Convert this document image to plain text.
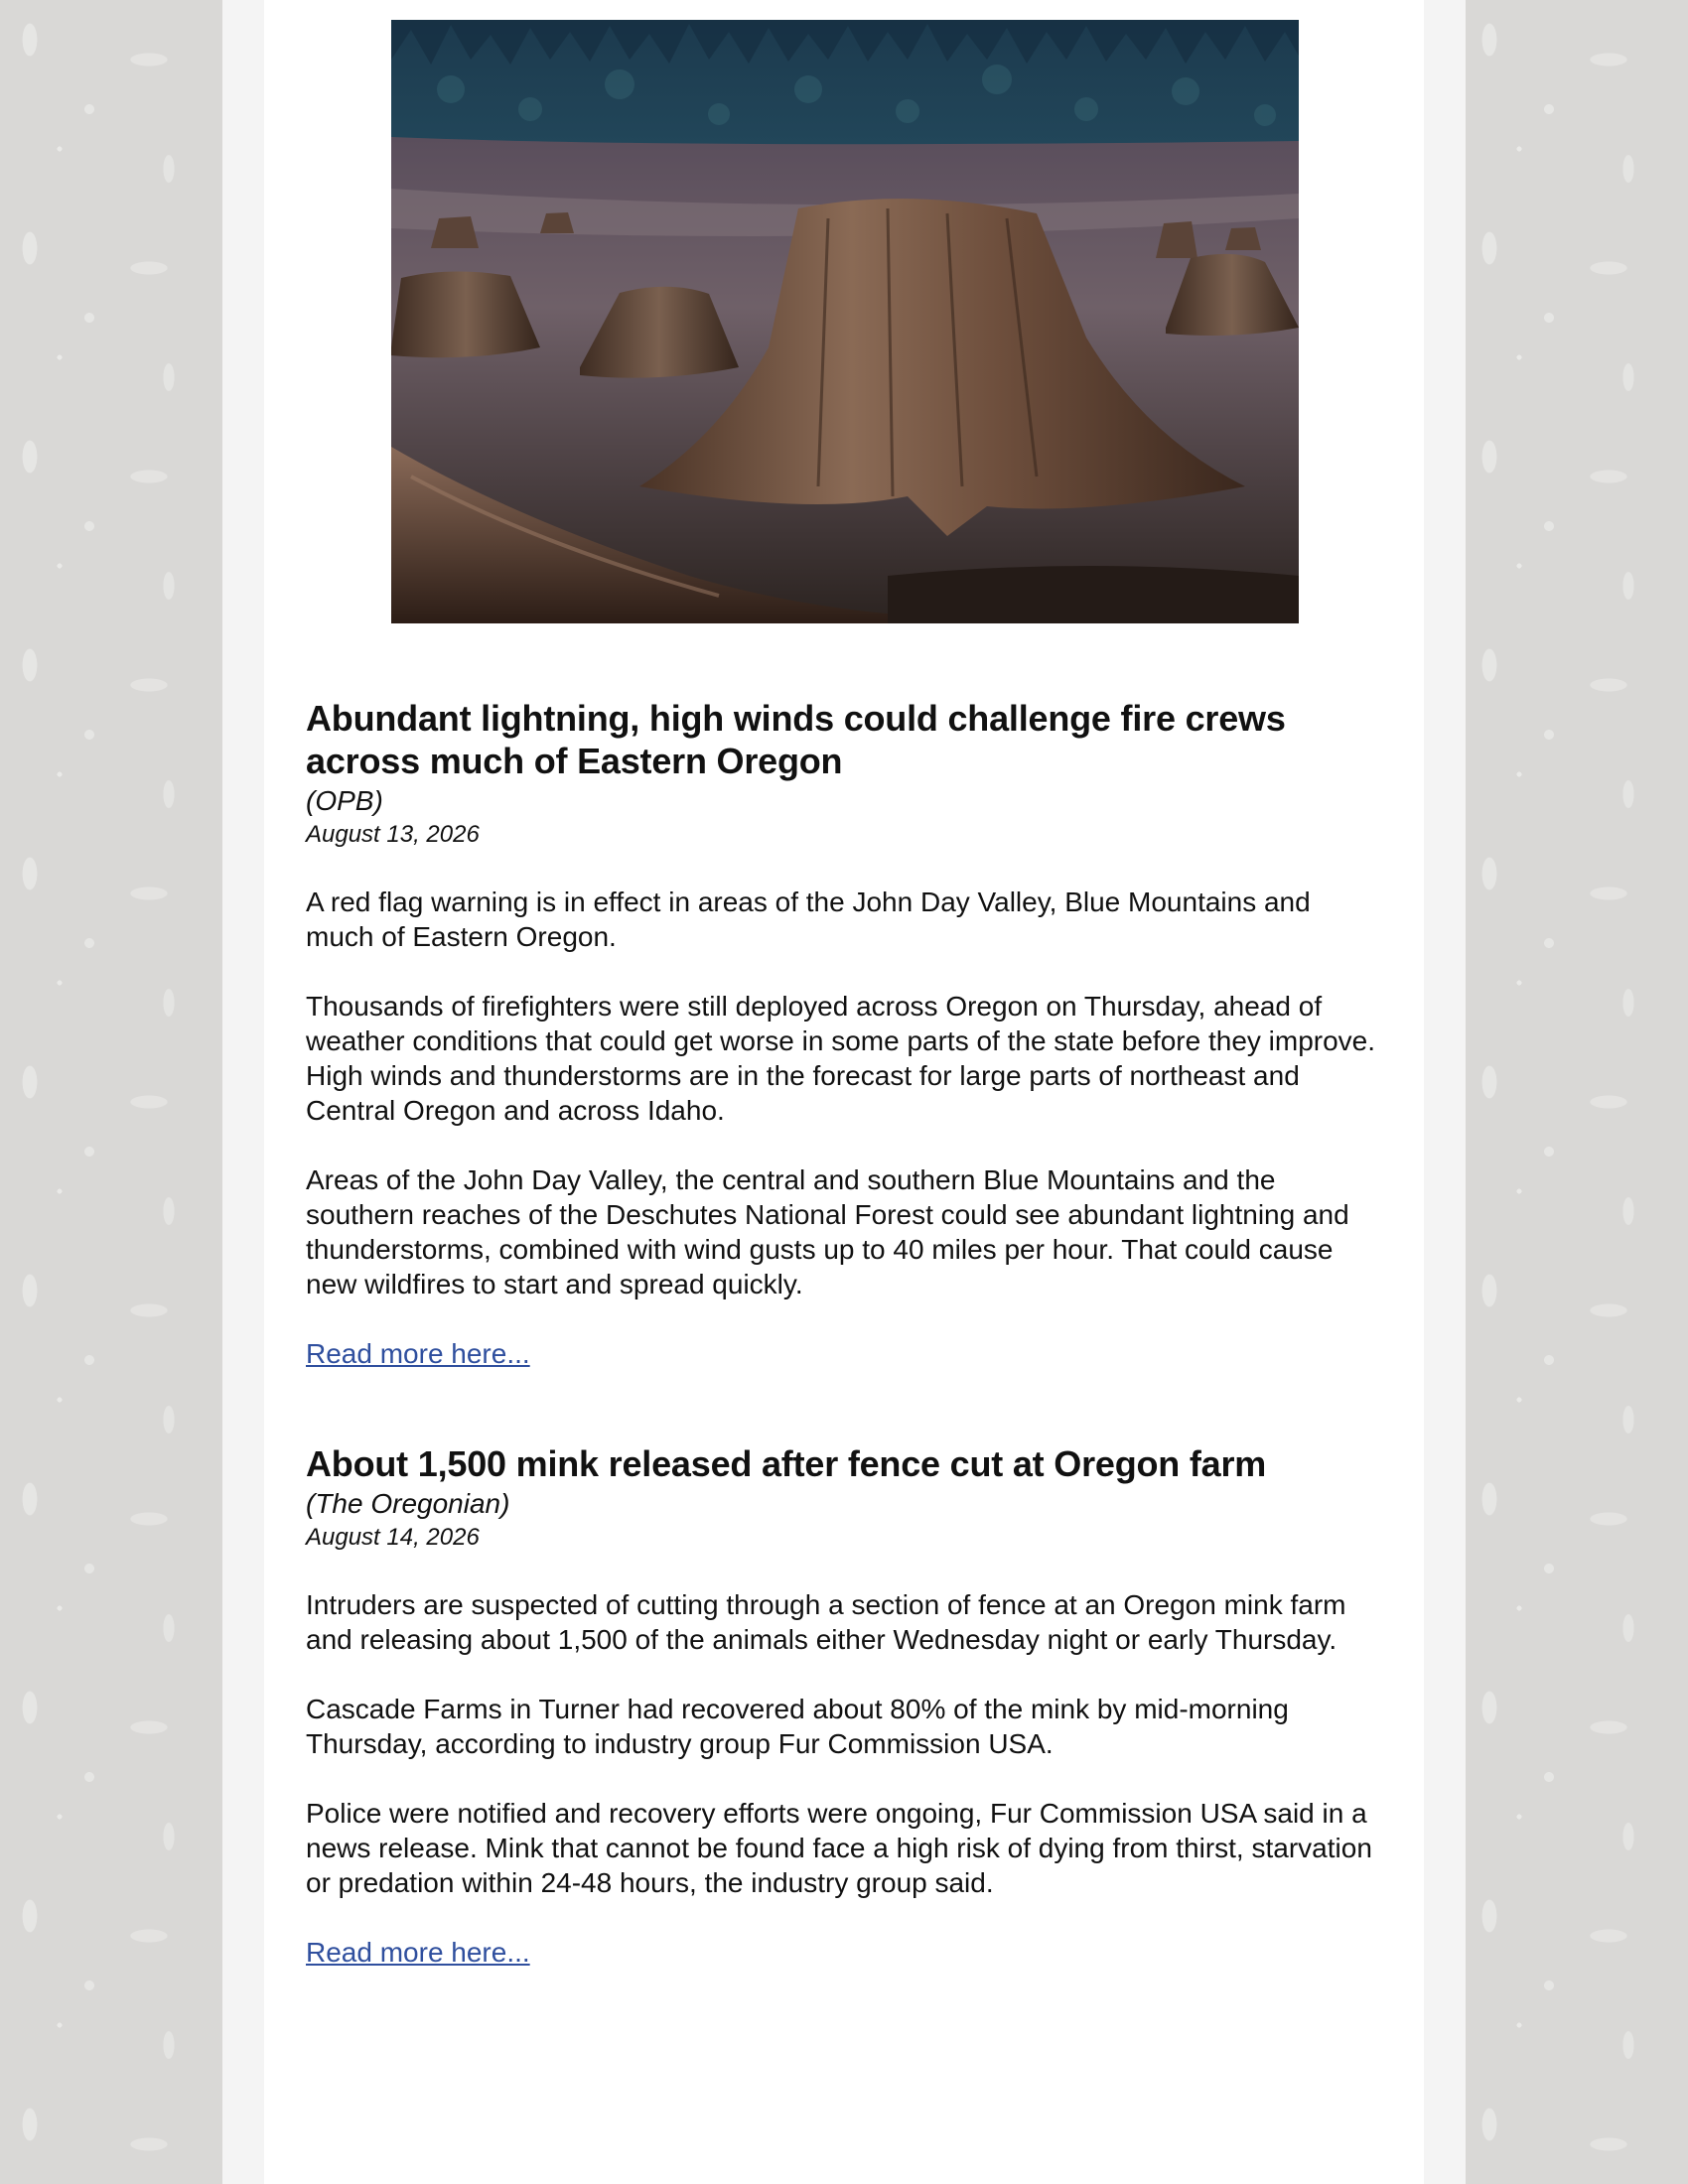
Abundant lightning, high winds could challenge fire crews across much of Eastern Oregon
(OPB)
August 13, 2026

A red flag warning is in effect in areas of the John Day Valley, Blue Mountains and much of Eastern Oregon.

Thousands of firefighters were still deployed across Oregon on Thursday, ahead of weather conditions that could get worse in some parts of the state before they improve. High winds and thunderstorms are in the forecast for large parts of northeast and Central Oregon and across Idaho.

Areas of the John Day Valley, the central and southern Blue Mountains and the southern reaches of the Deschutes National Forest could see abundant lightning and thunderstorms, combined with wind gusts up to 40 miles per hour. That could cause new wildfires to start and spread quickly.

Read more here...
About 1,500 mink released after fence cut at Oregon farm
(The Oregonian)
August 14, 2026

Intruders are suspected of cutting through a section of fence at an Oregon mink farm and releasing about 1,500 of the animals either Wednesday night or early Thursday.

Cascade Farms in Turner had recovered about 80% of the mink by mid-morning Thursday, according to industry group Fur Commission USA.

Police were notified and recovery efforts were ongoing, Fur Commission USA said in a news release. Mink that cannot be found face a high risk of dying from thirst, starvation or predation within 24-48 hours, the industry group said.

Read more here...
